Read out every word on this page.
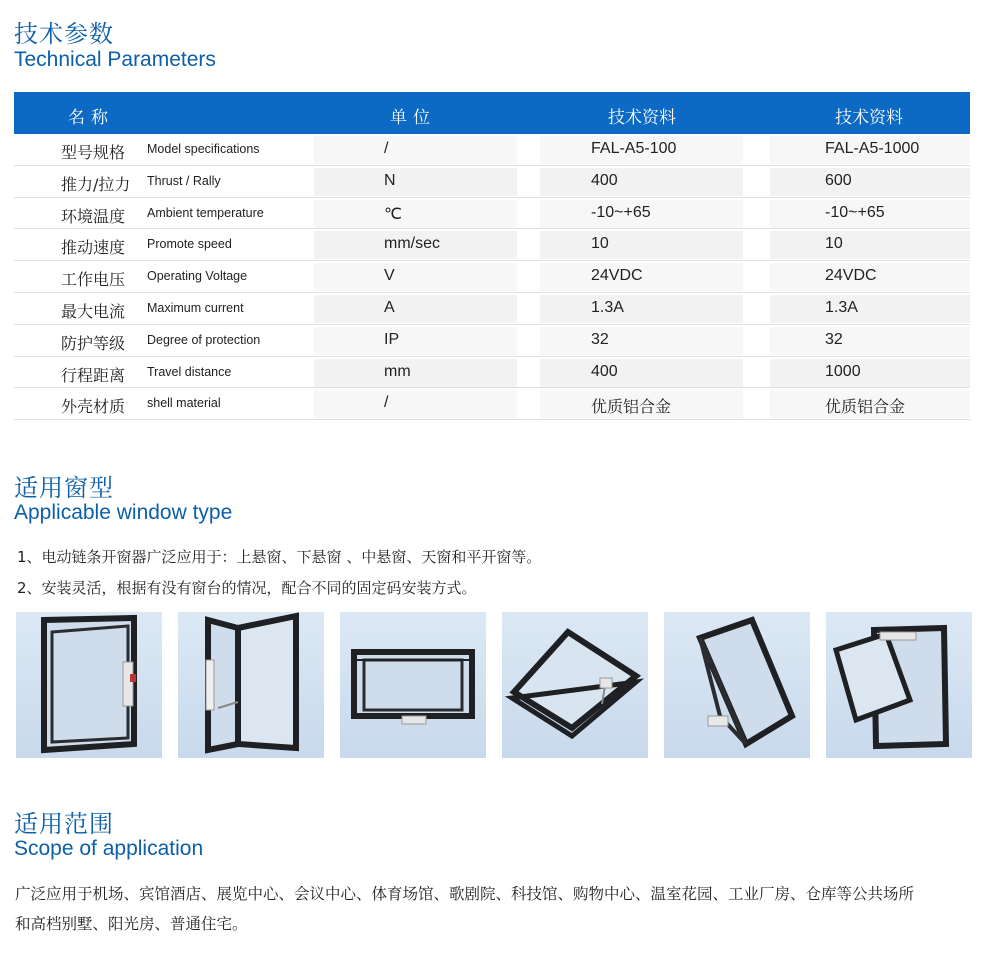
技术参数
Technical Parameters
名称	单位	技术资料	技术资料
型号规格 Model specifications	/	FAL-A5-100	FAL-A5-1000
推力/拉力 Thrust / Rally	N	400	600
环境温度 Ambient temperature	℃	-10~+65	-10~+65
推动速度 Promote speed	mm/sec	10	10
工作电压 Operating Voltage	V	24VDC	24VDC
最大电流 Maximum current	A	1.3A	1.3A
防护等级 Degree of protection	IP	32	32
行程距离 Travel distance	mm	400	1000
外壳材质 shell material	/	优质铝合金	优质铝合金
适用窗型
Applicable window type
1、电动链条开窗器广泛应用于：上悬窗、下悬窗 、中悬窗、天窗和平开窗等。
2、安装灵活，根据有没有窗台的情况，配合不同的固定码安装方式。
适用范围
Scope of application
广泛应用于机场、宾馆酒店、展览中心、会议中心、体育场馆、歌剧院、科技馆、购物中心、温室花园、工业厂房、仓库等公共场所
和高档别墅、阳光房、普通住宅。
